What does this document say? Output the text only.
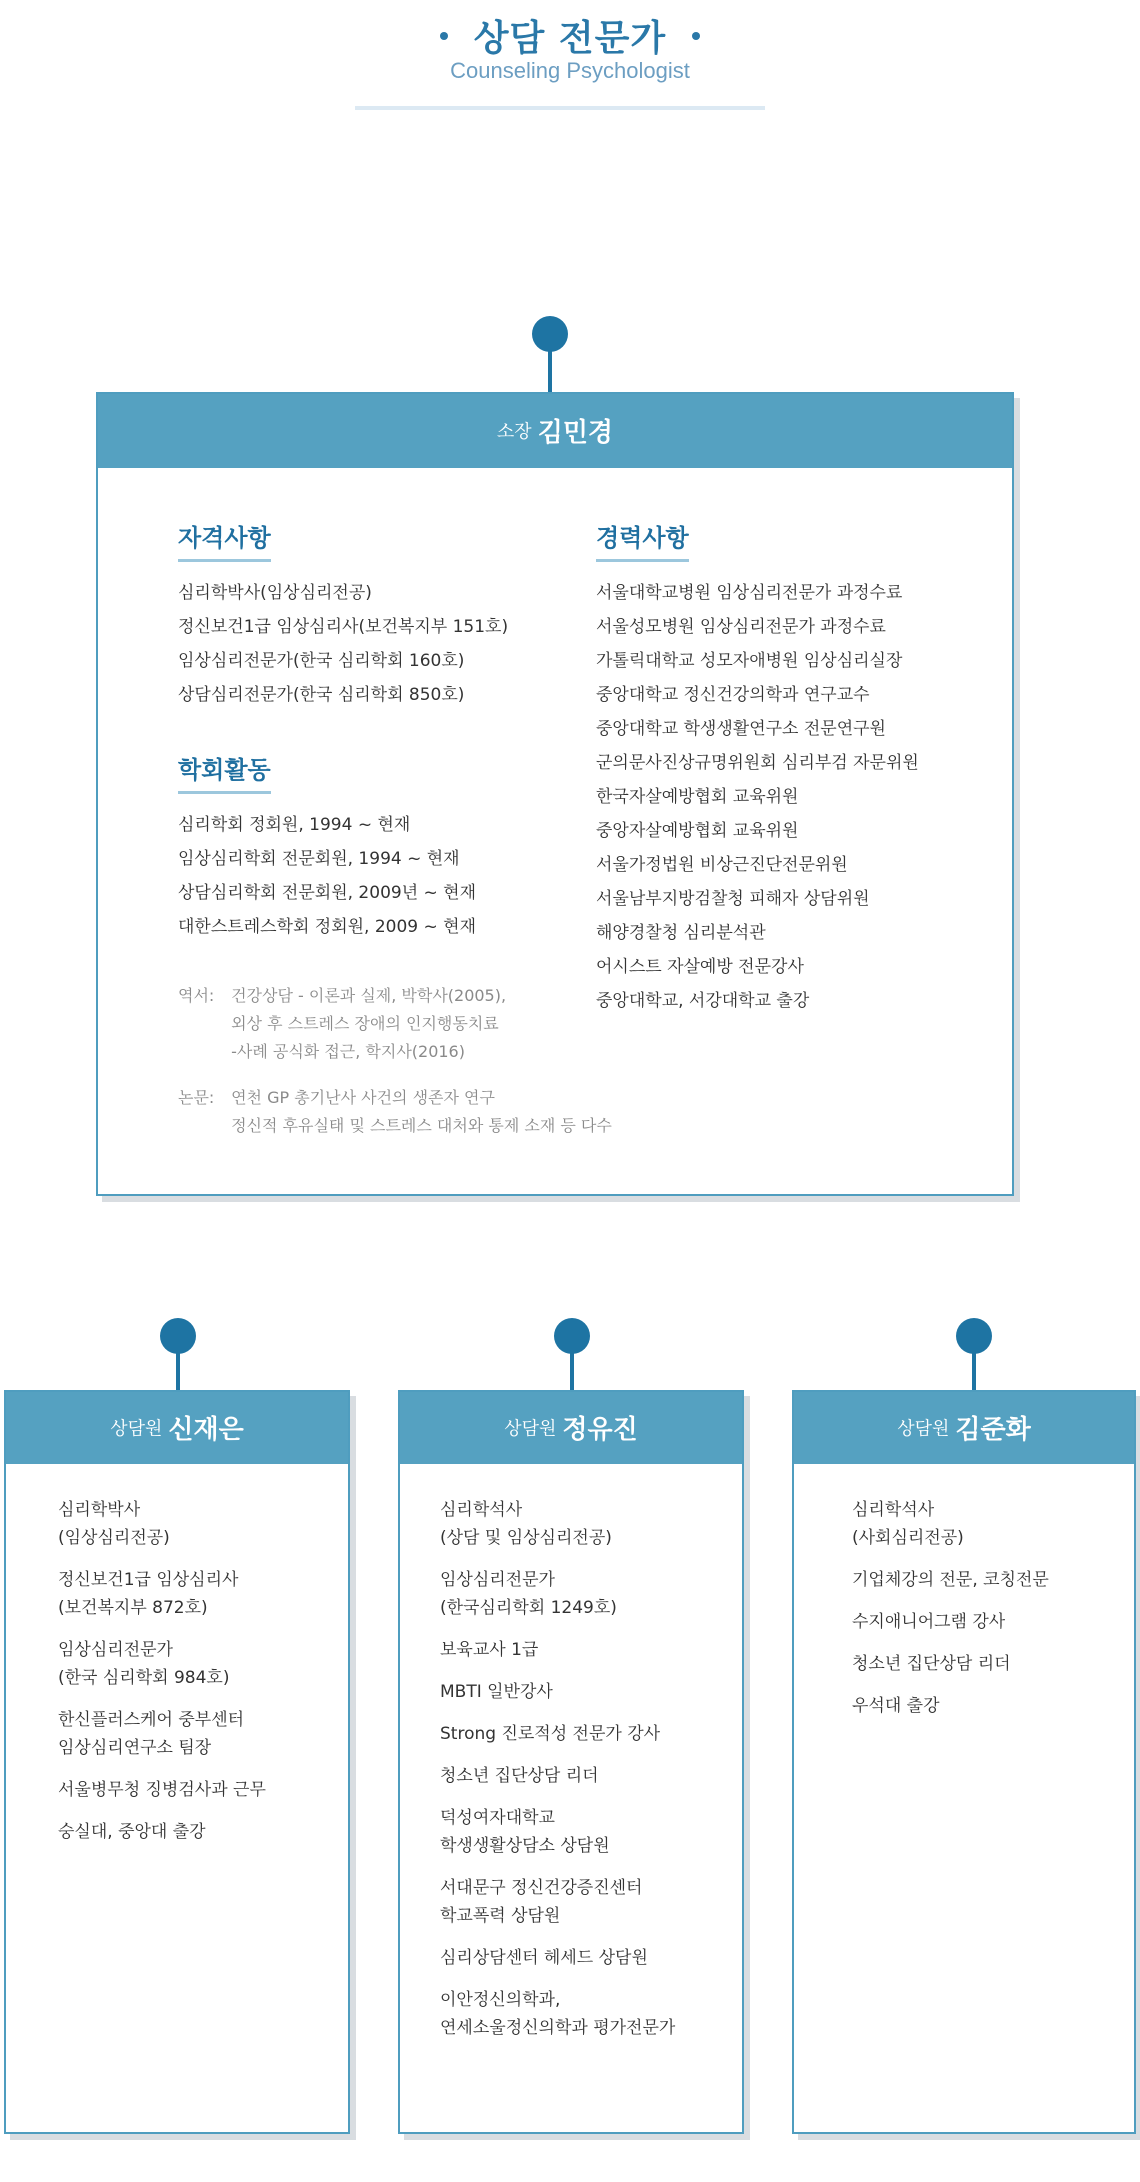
상담 전문가
Counseling Psychologist
소장 김민경
자격사항
심리학박사(임상심리전공)
정신보건1급 임상심리사(보건복지부 151호)
임상심리전문가(한국 심리학회 160호)
상담심리전문가(한국 심리학회 850호)
학회활동
심리학회 정회원, 1994 ~ 현재
임상심리학회 전문회원, 1994 ~ 현재
상담심리학회 전문회원, 2009년 ~ 현재
대한스트레스학회 정회원, 2009 ~ 현재
역서: 건강상담 - 이론과 실제, 박학사(2005),
외상 후 스트레스 장애의 인지행동치료
-사례 공식화 접근, 학지사(2016)
논문: 연천 GP 총기난사 사건의 생존자 연구
정신적 후유실태 및 스트레스 대처와 통제 소재 등 다수
경력사항
서울대학교병원 임상심리전문가 과정수료
서울성모병원 임상심리전문가 과정수료
가톨릭대학교 성모자애병원 임상심리실장
중앙대학교 정신건강의학과 연구교수
중앙대학교 학생생활연구소 전문연구원
군의문사진상규명위원회 심리부검 자문위원
한국자살예방협회 교육위원
중앙자살예방협회 교육위원
서울가정법원 비상근진단전문위원
서울남부지방검찰청 피해자 상담위원
해양경찰청 심리분석관
어시스트 자살예방 전문강사
중앙대학교, 서강대학교 출강
상담원 신재은
심리학박사
(임상심리전공)
정신보건1급 임상심리사
(보건복지부 872호)
임상심리전문가
(한국 심리학회 984호)
한신플러스케어 중부센터
임상심리연구소 팀장
서울병무청 징병검사과 근무
숭실대, 중앙대 출강
상담원 정유진
심리학석사
(상담 및 임상심리전공)
임상심리전문가
(한국심리학회 1249호)
보육교사 1급
MBTI 일반강사
Strong 진로적성 전문가 강사
청소년 집단상담 리더
덕성여자대학교
학생생활상담소 상담원
서대문구 정신건강증진센터
학교폭력 상담원
심리상담센터 헤세드 상담원
이안정신의학과,
연세소울정신의학과 평가전문가
상담원 김준화
심리학석사
(사회심리전공)
기업체강의 전문, 코칭전문
수지애니어그램 강사
청소년 집단상담 리더
우석대 출강
